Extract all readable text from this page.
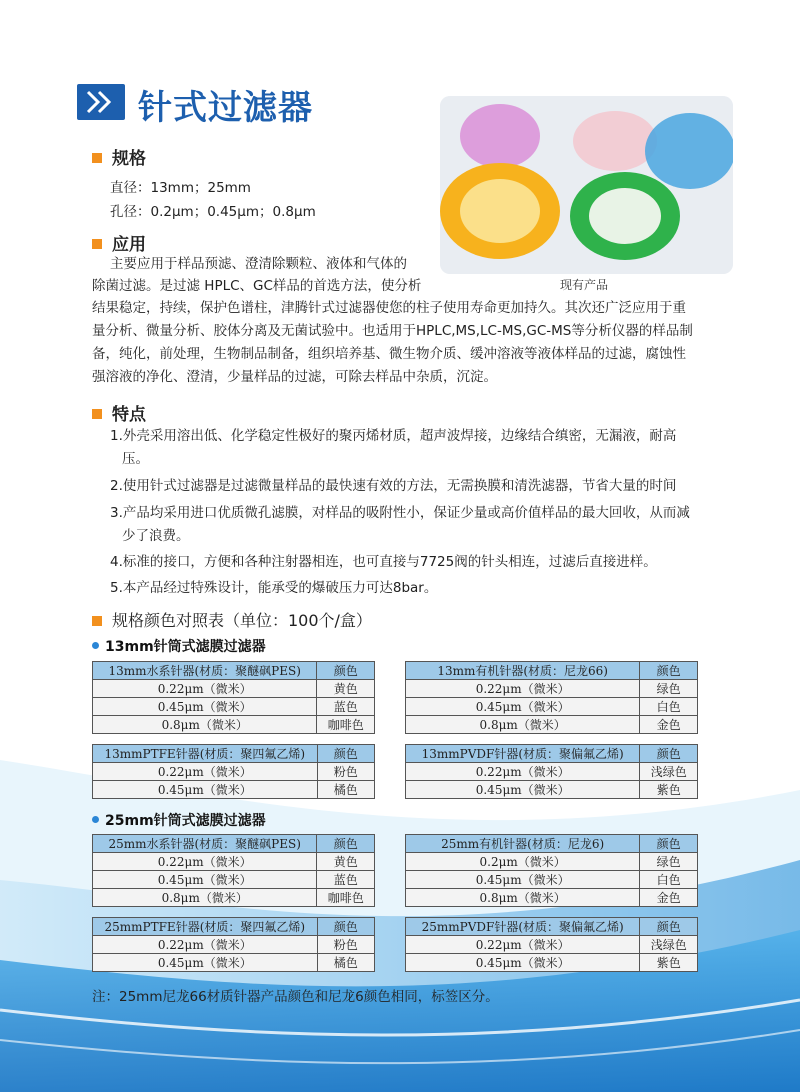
针式过滤器
现有产品
规格
直径：13mm；25mm
孔径：0.2μm；0.45μm；0.8μm
应用
主要应用于样品预滤、澄清除颗粒、液体和气体的
除菌过滤。是过滤 HPLC、GC样品的首选方法，使分析
结果稳定，持续，保护色谱柱，津腾针式过滤器使您的柱子使用寿命更加持久。其次还广泛应用于重
量分析、微量分析、胶体分离及无菌试验中。也适用于HPLC,MS,LC-MS,GC-MS等分析仪器的样品制
备，纯化，前处理，生物制品制备，组织培养基、微生物介质、缓冲溶液等液体样品的过滤，腐蚀性
强溶液的净化、澄清，少量样品的过滤，可除去样品中杂质，沉淀。
特点
1.外壳采用溶出低、化学稳定性极好的聚丙烯材质，超声波焊接，边缘结合缜密，无漏液，耐高
压。
2.使用针式过滤器是过滤微量样品的最快速有效的方法，无需换膜和清洗滤器，节省大量的时间
3.产品均采用进口优质微孔滤膜，对样品的吸附性小，保证少量或高价值样品的最大回收，从而减
少了浪费。
4.标准的接口，方便和各种注射器相连，也可直接与7725阀的针头相连，过滤后直接进样。
5.本产品经过特殊设计，能承受的爆破压力可达8bar。
规格颜色对照表（单位：100个/盒）
13mm针筒式滤膜过滤器
13mm水系针器(材质：聚醚砜PES)	颜色
0.22μm（微米）	黄色
0.45μm（微米）	蓝色
0.8μm（微米）	咖啡色
13mm有机针器(材质：尼龙66)	颜色
0.22μm（微米）	绿色
0.45μm（微米）	白色
0.8μm（微米）	金色
13mmPTFE针器(材质：聚四氟乙烯)	颜色
0.22μm（微米）	粉色
0.45μm（微米）	橘色
13mmPVDF针器(材质：聚偏氟乙烯)	颜色
0.22μm（微米）	浅绿色
0.45μm（微米）	紫色
25mm针筒式滤膜过滤器
25mm水系针器(材质：聚醚砜PES)	颜色
0.22μm（微米）	黄色
0.45μm（微米）	蓝色
0.8μm（微米）	咖啡色
25mm有机针器(材质：尼龙6)	颜色
0.2μm（微米）	绿色
0.45μm（微米）	白色
0.8μm（微米）	金色
25mmPTFE针器(材质：聚四氟乙烯)	颜色
0.22μm（微米）	粉色
0.45μm（微米）	橘色
25mmPVDF针器(材质：聚偏氟乙烯)	颜色
0.22μm（微米）	浅绿色
0.45μm（微米）	紫色
注：25mm尼龙66材质针器产品颜色和尼龙6颜色相同，标签区分。
